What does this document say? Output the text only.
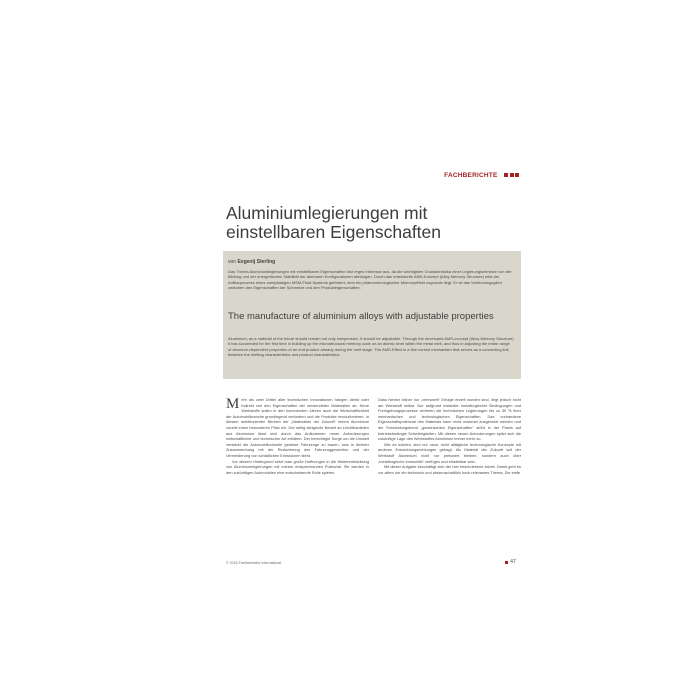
FACHBERICHTE
Aluminiumlegierungen mit einstellbaren Eigenschaften
von Evgenij Sterling
Das Thema Aluminiumlegierungen mit einstellbaren Eigenschaften löst reges Interesse aus, da die wichtigsten Charakteristika einer Legierungschmelze von der Bildung und der energetischen Stabilität der atomaren Konfigurationen abhängen. Durch das entwickelte AMS-Konzept (Alloy Memory Structure) wird der Aufbauprozess eines zweiphasigen MSM-Fluid-Systems gefördert, dem ein phänomenologischer Memoryeffekt zugrunde liegt. Er ist das Verbindungsglied zwischen den Eigenschaften der Schmelze und den Produkteigenschaften.
The manufacture of aluminium alloys with adjustable properties
Aluminium, as a material of the future should remain not only inexpensive. It should be adjustable. Through the developed AMS-concept (Alloy Memory Structure) it has succeeded for the first time in building up the microstructural memory code on an atomic level within the metal melt, and thus in adjusting the entire range of structure-dependent properties of an end product already during the melt stage. The AMS-Effect is a fine control mechanism that serves as a connecting link between the melting characteristics and product characteristics.

Mehr als zwei Drittel aller technischen Innovationen hängen direkt oder indirekt von den Eigenschaften der verwendeten Materialien ab. Neue Werkstoffe sollen in den kommenden Jahren auch die Wirtschaftlichkeit der Automobilbranche grundlegend verändern und die Produkte revolutionieren. In diesem ambitionierten Bereich der „Materialien der Zukunft“ nimmt Aluminium zurzeit einen besonderen Platz ein. Der stetig steigende Bedarf an Leichtbauteilen aus Aluminium lässt sich durch das Aufkommen neuer Anforderungen wirtschaftlicher und technischer Art erklären. Der berechtigte Sorge um die Umwelt verstärkt die Automobilindustrie gewisse Fahrzeuge zu bauen, was in direkter Zusammenhang mit der Reduzierung des Fahrzeuggewichtes und der Verminderung von schädlichen Emissionen steht.

Vor diesem Hintergrund setzt man große Hoffnungen in die Weiterentwicklung von Aluminiumlegierungen mit extrem entsprechenden Potenzial. Sie werden in den zukünftigen Automobilen eine entscheidende Rolle spielen.

Dass hierbei bisher nur „verewzelt“ Erfolge erzielt wurden sind, liegt jedoch nicht am Werkstoff selbst. Nur aufgrund instabiler metallurgischer Bedingungen und Formgebungsprozesse verlieren die technischen Legierungen bis zu 30 % ihrer mechanischen und technologischen Eigenschaften. Das vorhandene Eigenschaftspotenzial des Materials kann nicht maximal ausgenutzt werden und der Entwicklungstrend „gewünschtes Eigenschaften“ stößt in der Praxis auf betriebsbedingte Schwierigkeiten. Mit diesen neuen Anforderungen spitzt sich die zukünftige Lage des Werkstoffes Aluminium immer mehr zu.

Wie es scheint, sind nur neue, nicht alltägliche technologische Konzepte mit anderen Entwicklungsrichtungen gefragt. Als Material der Zukunft soll der Werkstoff Aluminium nicht nur preiswert bleiben, sondern auch über „metallurgische Immunität“ verfügen und einstellbar sein.

Mit dieser Aufgabe beschäftigt sich der hier beschriebene Arbeit. Damit geht es vor allem um ein technisch und wissenschaftlich hoch relevantes Thema. Die erste

© 2016 Fachbereiche International	47
